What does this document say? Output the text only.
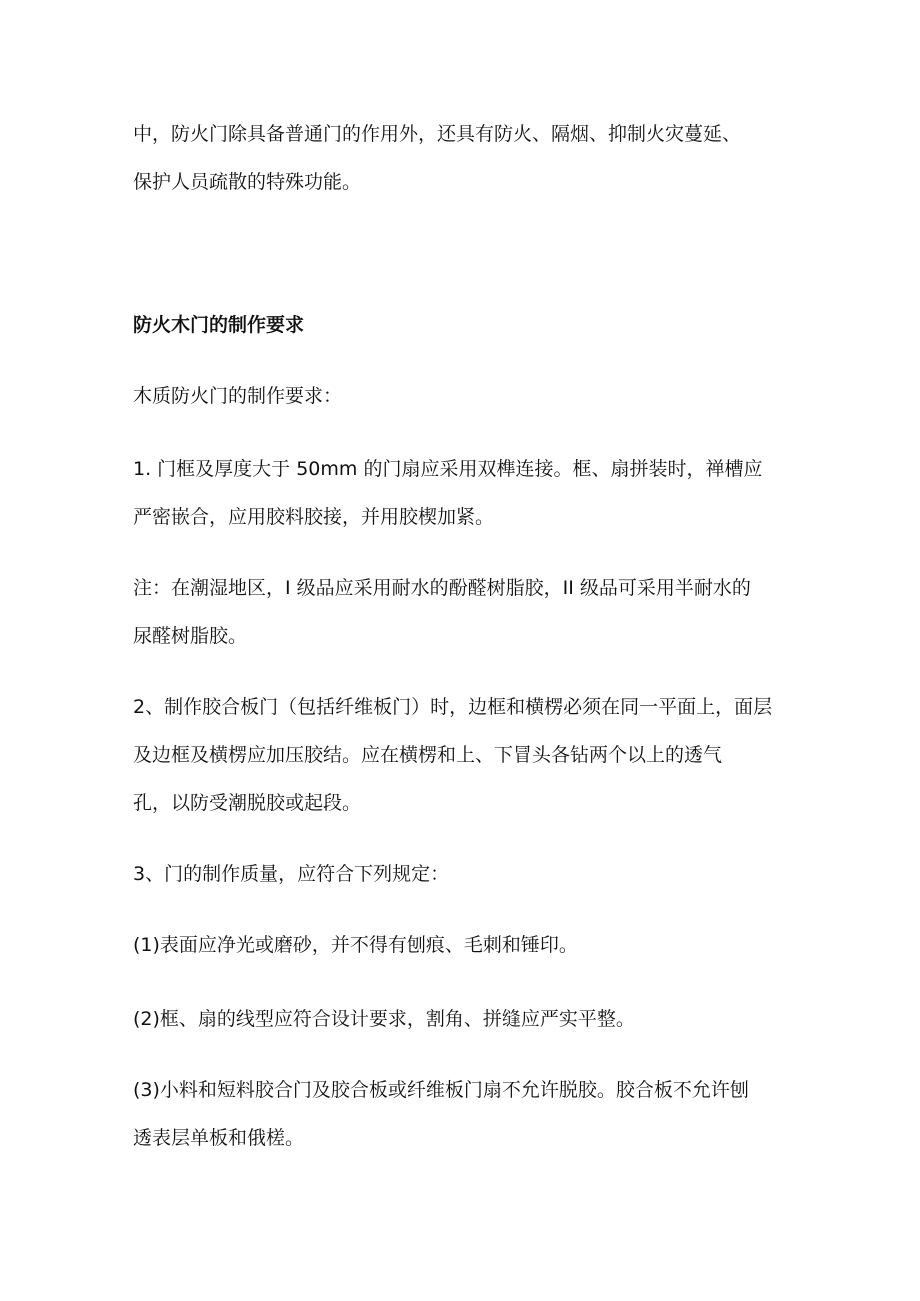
中，防火门除具备普通门的作用外，还具有防火、隔烟、抑制火灾蔓延、
保护人员疏散的特殊功能。
防火木门的制作要求
木质防火门的制作要求：
1. 门框及厚度大于 50mm 的门扇应采用双榫连接。框、扇拼装时，禅槽应
严密嵌合，应用胶料胶接，并用胶楔加紧。
注：在潮湿地区，I 级品应采用耐水的酚醛树脂胶，II 级品可采用半耐水的
尿醛树脂胶。
2、制作胶合板门（包括纤维板门）时，边框和横楞必须在同一平面上，面层
及边框及横楞应加压胶结。应在横楞和上、下冒头各钻两个以上的透气
孔，以防受潮脱胶或起段。
3、门的制作质量，应符合下列规定：
(1)表面应净光或磨砂，并不得有刨痕、毛刺和锤印。
(2)框、扇的线型应符合设计要求，割角、拼缝应严实平整。
(3)小料和短料胶合门及胶合板或纤维板门扇不允许脱胶。胶合板不允许刨
透表层单板和俄槎。
